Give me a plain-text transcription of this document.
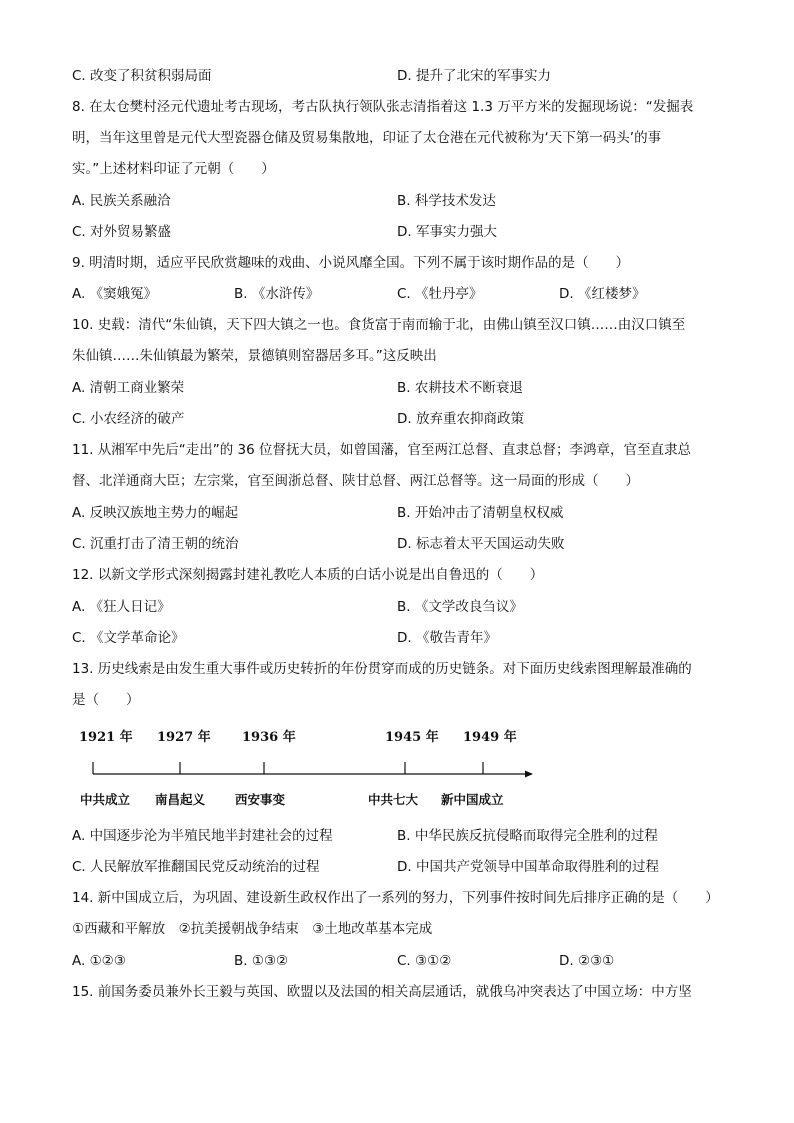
C. 改变了积贫积弱局面	D. 提升了北宋的军事实力
8. 在太仓樊村泾元代遗址考古现场，考古队执行领队张志清指着这 1.3 万平方米的发掘现场说：“发掘表
明，当年这里曾是元代大型瓷器仓储及贸易集散地，印证了太仓港在元代被称为‘天下第一码头’的事
实。”上述材料印证了元朝（　　）
A. 民族关系融洽	B. 科学技术发达
C. 对外贸易繁盛	D. 军事实力强大
9. 明清时期，适应平民欣赏趣味的戏曲、小说风靡全国。下列不属于该时期作品的是（　　）
A. 《窦娥冤》	B. 《水浒传》	C. 《牡丹亭》	D. 《红楼梦》
10. 史载：清代“朱仙镇，天下四大镇之一也。食货富于南而输于北，由佛山镇至汉口镇……由汉口镇至
朱仙镇……朱仙镇最为繁荣，景德镇则窑器居多耳。”这反映出
A. 清朝工商业繁荣	B. 农耕技术不断衰退
C. 小农经济的破产	D. 放弃重农抑商政策
11. 从湘军中先后“走出”的 36 位督抚大员，如曾国藩，官至两江总督、直隶总督；李鸿章，官至直隶总
督、北洋通商大臣；左宗棠，官至闽浙总督、陕甘总督、两江总督等。这一局面的形成（　　）
A. 反映汉族地主势力的崛起	B. 开始冲击了清朝皇权权威
C. 沉重打击了清王朝的统治	D. 标志着太平天国运动失败
12. 以新文学形式深刻揭露封建礼教吃人本质的白话小说是出自鲁迅的（　　）
A. 《狂人日记》	B. 《文学改良刍议》
C. 《文学革命论》	D. 《敬告青年》
13. 历史线索是由发生重大事件或历史转折的年份贯穿而成的历史链条。对下面历史线索图理解最准确的
是（　　）
1921 年 1927 年 1936 年	1945 年 1949 年
中共成立 南昌起义 西安事变	中共七大 新中国成立
A. 中国逐步沦为半殖民地半封建社会的过程	B. 中华民族反抗侵略而取得完全胜利的过程
C. 人民解放军推翻国民党反动统治的过程	D. 中国共产党领导中国革命取得胜利的过程
14. 新中国成立后，为巩固、建设新生政权作出了一系列的努力，下列事件按时间先后排序正确的是（　　）
①西藏和平解放　②抗美援朝战争结束　③土地改革基本完成
A. ①②③	B. ①③②	C. ③①②	D. ②③①
15. 前国务委员兼外长王毅与英国、欧盟以及法国的相关高层通话，就俄乌冲突表达了中国立场：中方坚
